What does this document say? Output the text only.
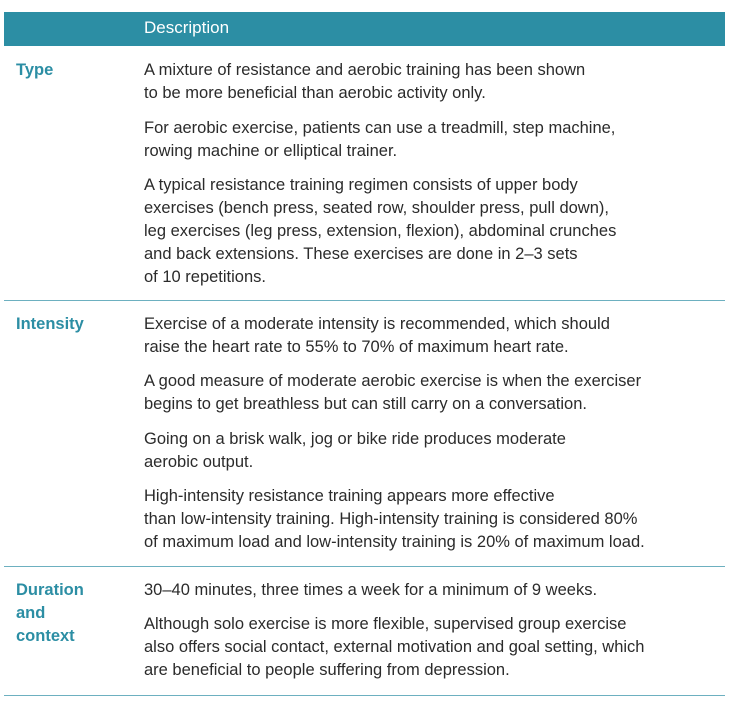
Description
Type	A mixture of resistance and aerobic training has been shown
to be more beneficial than aerobic activity only.
For aerobic exercise, patients can use a treadmill, step machine,
rowing machine or elliptical trainer.
A typical resistance training regimen consists of upper body
exercises (bench press, seated row, shoulder press, pull down),
leg exercises (leg press, extension, flexion), abdominal crunches
and back extensions. These exercises are done in 2–3 sets
of 10 repetitions.
Intensity	Exercise of a moderate intensity is recommended, which should
raise the heart rate to 55% to 70% of maximum heart rate.
A good measure of moderate aerobic exercise is when the exerciser
begins to get breathless but can still carry on a conversation.
Going on a brisk walk, jog or bike ride produces moderate
aerobic output.
High-intensity resistance training appears more effective
than low-intensity training. High-intensity training is considered 80%
of maximum load and low-intensity training is 20% of maximum load.
Duration
and
context
30–40 minutes, three times a week for a minimum of 9 weeks.
Although solo exercise is more flexible, supervised group exercise
also offers social contact, external motivation and goal setting, which
are beneficial to people suffering from depression.
